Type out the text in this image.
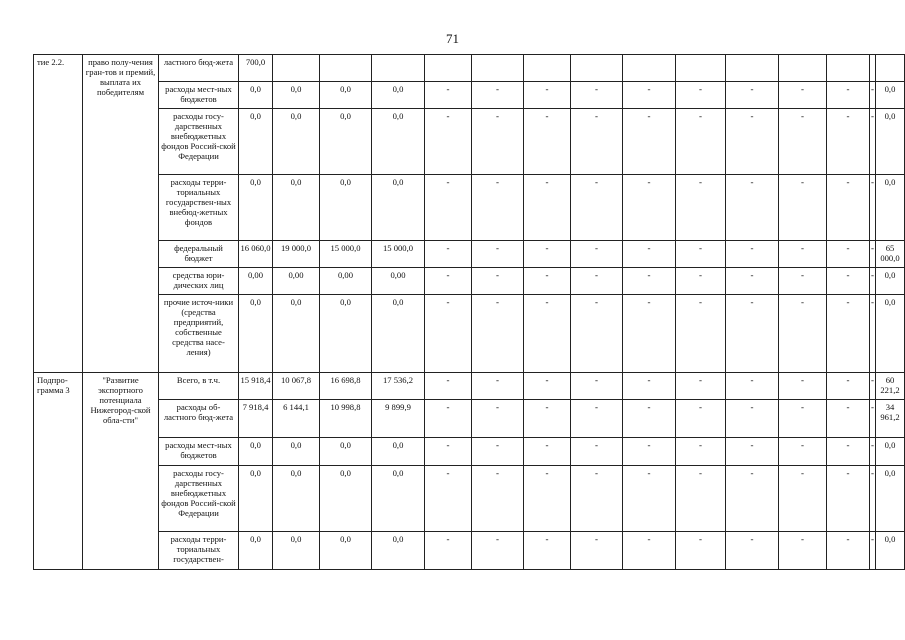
71
тие 2.2.	право полу-чения гран-тов и премий, выплата их победителям	ластного бюд-жета	700,0														
		расходы мест-ных бюджетов	0,0	0,0	0,0	0,0	-	-	-	-	-	-	-	-	-	-	0,0
		расходы госу-дарственных внебюджетных фондов Россий-ской Федерации	0,0	0,0	0,0	0,0	-	-	-	-	-	-	-	-	-	-	0,0
		расходы терри-ториальных государствен-ных внебюд-жетных фондов	0,0	0,0	0,0	0,0	-	-	-	-	-	-	-	-	-	-	0,0
		федеральный бюджет	16 060,0	19 000,0	15 000,0	15 000,0	-	-	-	-	-	-	-	-	-	-	65 000,0
		средства юри-дических лиц	0,00	0,00	0,00	0,00	-	-	-	-	-	-	-	-	-	-	0,0
		прочие источ-ники (средства предприятий, собственные средства насе-ления)	0,0	0,0	0,0	0,0	-	-	-	-	-	-	-	-	-	-	0,0
Подпро-грамма 3	"Развитие экспортного потенциала Нижегород-ской обла-сти"	Всего, в т.ч.	15 918,4	10 067,8	16 698,8	17 536,2	-	-	-	-	-	-	-	-	-	-	60 221,2
		расходы об-ластного бюд-жета	7 918,4	6 144,1	10 998,8	9 899,9	-	-	-	-	-	-	-	-	-	-	34 961,2
		расходы мест-ных бюджетов	0,0	0,0	0,0	0,0	-	-	-	-	-	-	-	-	-	-	0,0
		расходы госу-дарственных внебюджетных фондов Россий-ской Федерации	0,0	0,0	0,0	0,0	-	-	-	-	-	-	-	-	-	-	0,0
		расходы терри-ториальных государствен-	0,0	0,0	0,0	0,0	-	-	-	-	-	-	-	-	-	-	0,0
